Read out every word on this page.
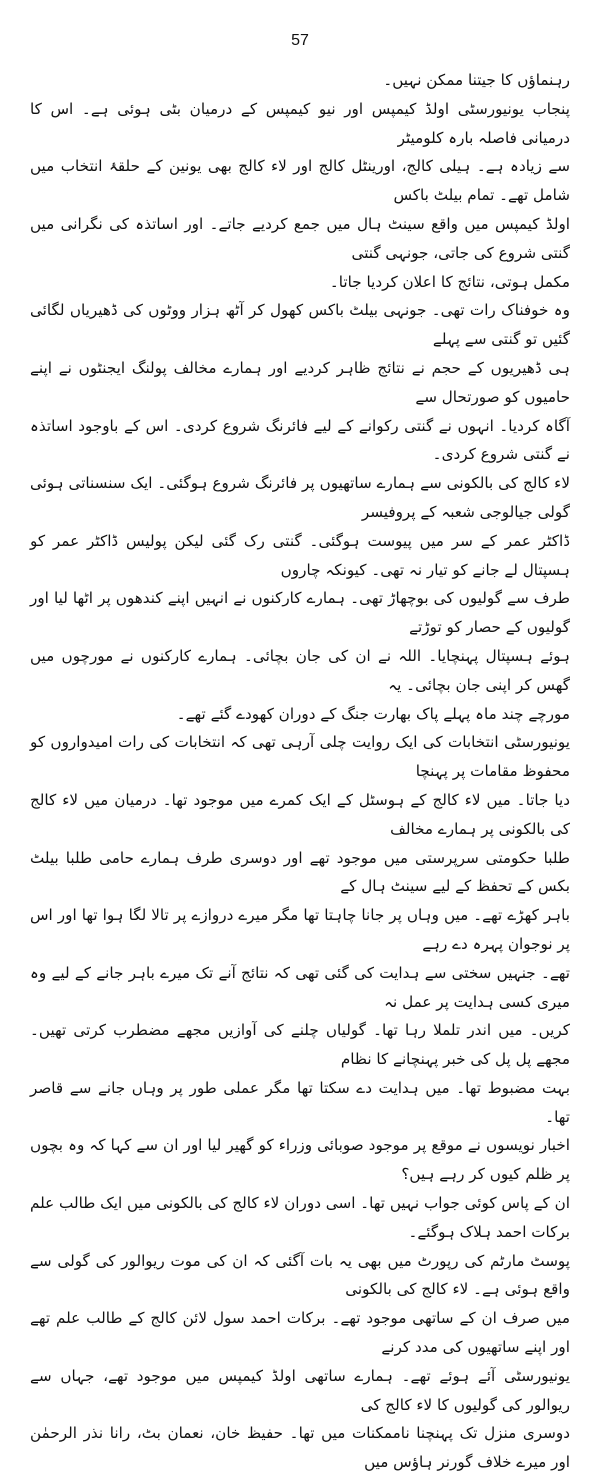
57

رہنماؤں کا جیتنا ممکن نہیں۔

پنجاب یونیورسٹی اولڈ کیمپس اور نیو کیمپس کے درمیان بٹی ہوئی ہے۔ اس کا درمیانی فاصلہ بارہ کلومیٹر
سے زیادہ ہے۔ ہیلی کالج، اورینٹل کالج اور لاء کالج بھی یونین کے حلقۂ انتخاب میں شامل تھے۔ تمام بیلٹ باکس
اولڈ کیمپس میں واقع سینٹ ہال میں جمع کردیے جاتے۔ اور اساتذہ کی نگرانی میں گنتی شروع کی جاتی، جونہی گنتی
مکمل ہوتی، نتائج کا اعلان کردیا جاتا۔

وہ خوفناک رات تھی۔ جونہی بیلٹ باکس کھول کر آٹھ ہزار ووٹوں کی ڈھیریاں لگائی گئیں تو گنتی سے پہلے
ہی ڈھیریوں کے حجم نے نتائج ظاہر کردیے اور ہمارے مخالف پولنگ ایجنٹوں نے اپنے حامیوں کو صورتحال سے
آگاہ کردیا۔ انہوں نے گنتی رکوانے کے لیے فائرنگ شروع کردی۔ اس کے باوجود اساتذہ نے گنتی شروع کردی۔
لاء کالج کی بالکونی سے ہمارے ساتھیوں پر فائرنگ شروع ہوگئی۔ ایک سنسناتی ہوئی گولی جیالوجی شعبہ کے پروفیسر
ڈاکٹر عمر کے سر میں پیوست ہوگئی۔ گنتی رک گئی لیکن پولیس ڈاکٹر عمر کو ہسپتال لے جانے کو تیار نہ تھی۔ کیونکہ چاروں
طرف سے گولیوں کی بوچھاڑ تھی۔ ہمارے کارکنوں نے انہیں اپنے کندھوں پر اٹھا لیا اور گولیوں کے حصار کو توڑتے
ہوئے ہسپتال پہنچایا۔ اللہ نے ان کی جان بچائی۔ ہمارے کارکنوں نے مورچوں میں گھس کر اپنی جان بچائی۔ یہ
مورچے چند ماہ پہلے پاک بھارت جنگ کے دوران کھودے گئے تھے۔

یونیورسٹی انتخابات کی ایک روایت چلی آرہی تھی کہ انتخابات کی رات امیدواروں کو محفوظ مقامات پر پہنچا
دیا جاتا۔ میں لاء کالج کے ہوسٹل کے ایک کمرے میں موجود تھا۔ درمیان میں لاء کالج کی بالکونی پر ہمارے مخالف
طلبا حکومتی سرپرستی میں موجود تھے اور دوسری طرف ہمارے حامی طلبا بیلٹ بکس کے تحفظ کے لیے سینٹ ہال کے
باہر کھڑے تھے۔ میں وہاں پر جانا چاہتا تھا مگر میرے دروازے پر تالا لگا ہوا تھا اور اس پر نوجوان پہرہ دے رہے
تھے۔ جنہیں سختی سے ہدایت کی گئی تھی کہ نتائج آنے تک میرے باہر جانے کے لیے وہ میری کسی ہدایت پر عمل نہ
کریں۔ میں اندر تلملا رہا تھا۔ گولیاں چلنے کی آوازیں مجھے مضطرب کرتی تھیں۔ مجھے پل پل کی خبر پہنچانے کا نظام
بہت مضبوط تھا۔ میں ہدایت دے سکتا تھا مگر عملی طور پر وہاں جانے سے قاصر تھا۔

اخبار نویسوں نے موقع پر موجود صوبائی وزراء کو گھیر لیا اور ان سے کہا کہ وہ بچوں پر ظلم کیوں کر رہے ہیں؟
ان کے پاس کوئی جواب نہیں تھا۔ اسی دوران لاء کالج کی بالکونی میں ایک طالب علم برکات احمد ہلاک ہوگئے۔
پوسٹ مارٹم کی رپورٹ میں بھی یہ بات آگئی کہ ان کی موت ریوالور کی گولی سے واقع ہوئی ہے۔ لاء کالج کی بالکونی
میں صرف ان کے ساتھی موجود تھے۔ برکات احمد سول لائن کالج کے طالب علم تھے اور اپنے ساتھیوں کی مدد کرنے
یونیورسٹی آئے ہوئے تھے۔ ہمارے ساتھی اولڈ کیمپس میں موجود تھے، جہاں سے ریوالور کی گولیوں کا لاء کالج کی
دوسری منزل تک پہنچنا ناممکنات میں تھا۔ حفیظ خان، نعمان بٹ، رانا نذر الرحمٰن اور میرے خلاف گورنر ہاؤس میں
